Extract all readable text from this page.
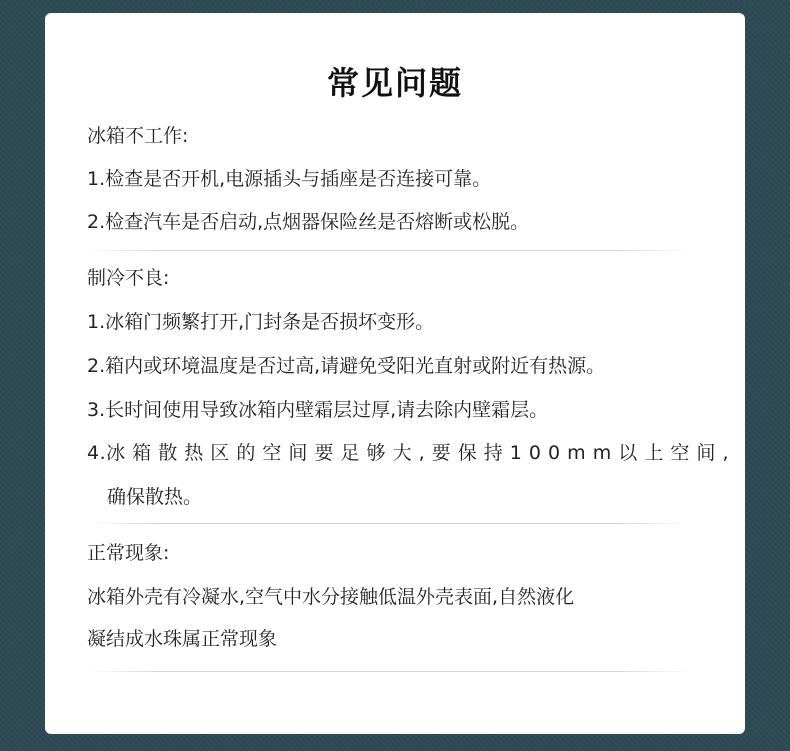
常见问题
冰箱不工作:
1.检查是否开机,电源插头与插座是否连接可靠。
2.检查汽车是否启动,点烟器保险丝是否熔断或松脱。
制冷不良:
1.冰箱门频繁打开,门封条是否损坏变形。
2.箱内或环境温度是否过高,请避免受阳光直射或附近有热源。
3.长时间使用导致冰箱内壁霜层过厚,请去除内壁霜层。
4.冰 箱 散 热 区 的 空 间 要 足 够 大 , 要 保 持 1 0 0 m m 以 上 空 间 ,
确保散热。
正常现象:
冰箱外壳有冷凝水,空气中水分接触低温外壳表面,自然液化
凝结成水珠属正常现象
